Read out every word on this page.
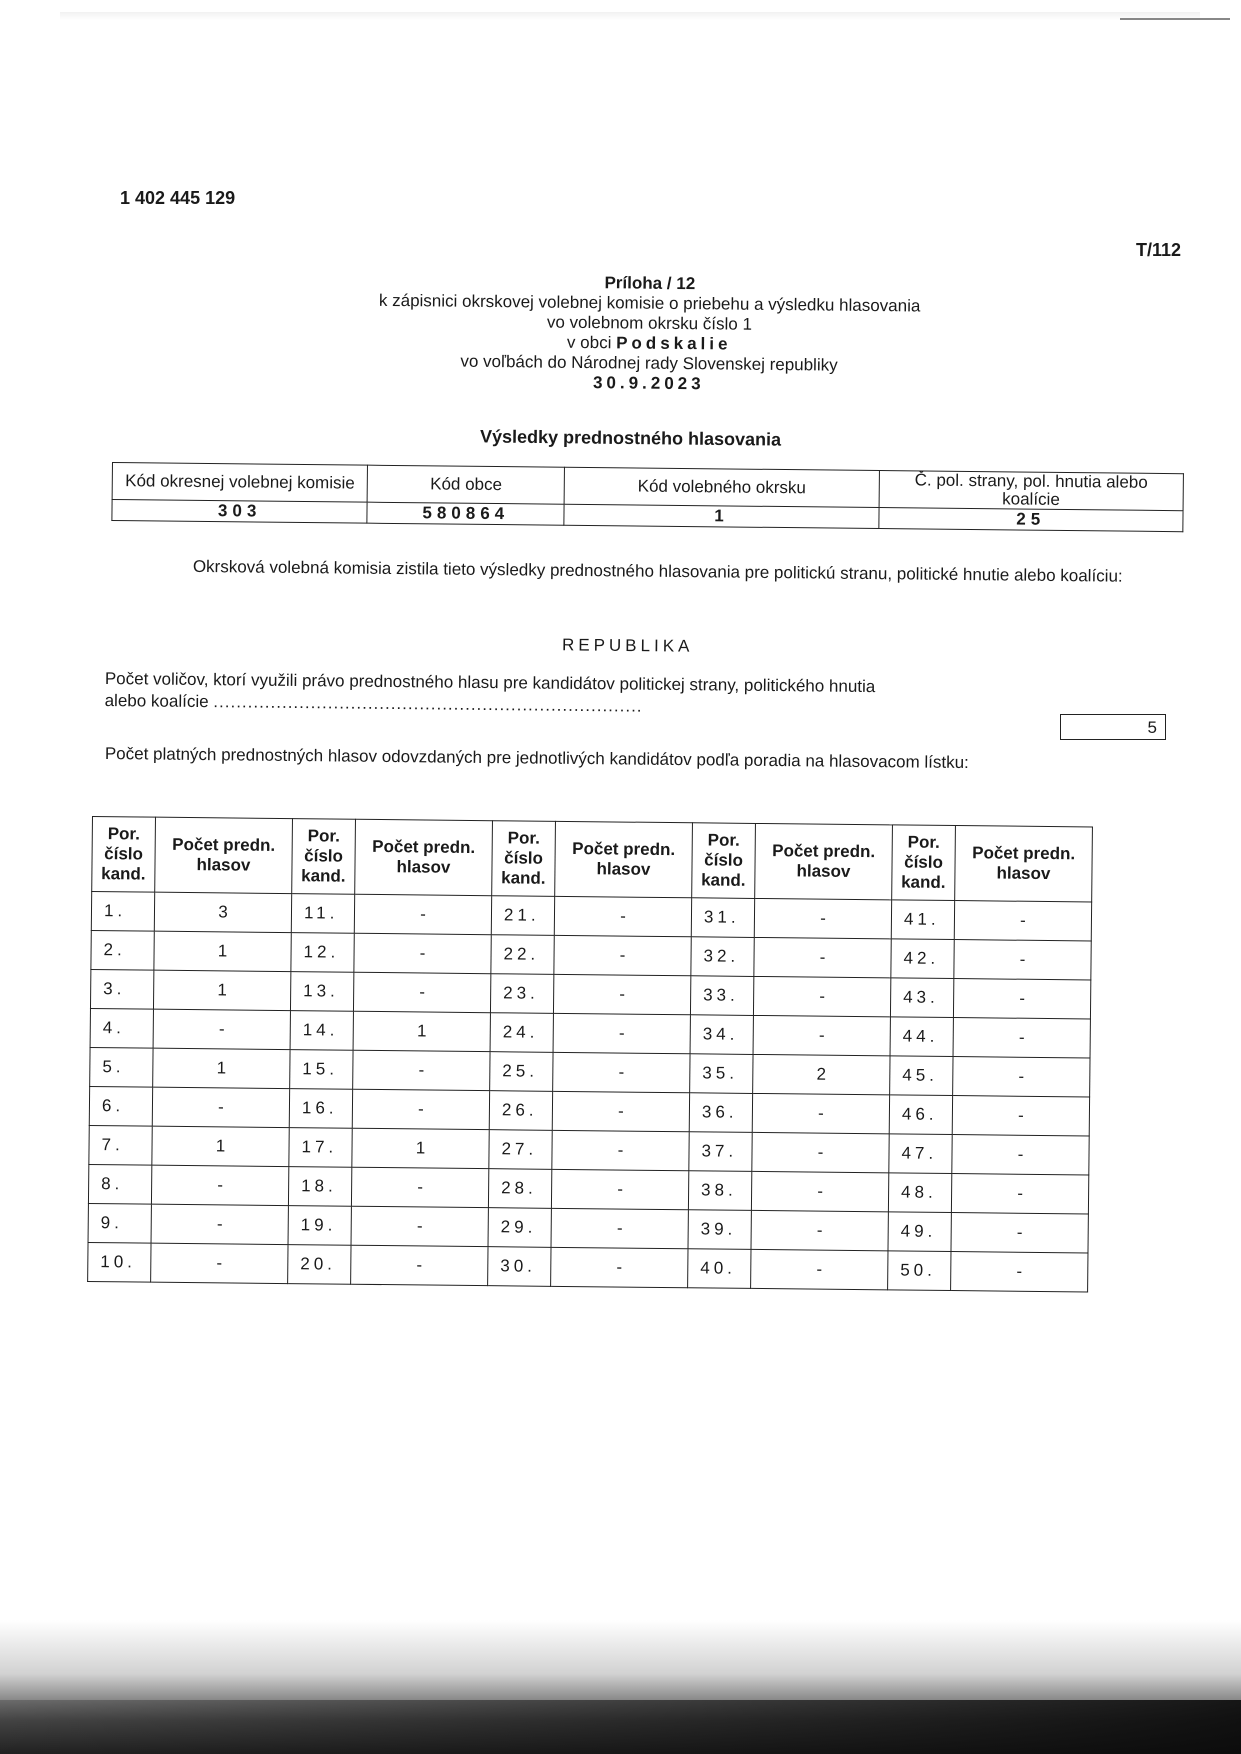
1 402 445 129
T/112
Príloha / 12
k zápisnici okrskovej volebnej komisie o priebehu a výsledku hlasovania
vo volebnom okrsku číslo 1
v obci Podskalie
vo voľbách do Národnej rady Slovenskej republiky
30.9.2023
Výsledky prednostného hlasovania
Kód okresnej volebnej komisie	Kód obce	Kód volebného okrsku	Č. pol. strany, pol. hnutia alebo koalície
303	580864	1	25
Okrsková volebná komisia zistila tieto výsledky prednostného hlasovania pre politickú stranu, politické hnutie alebo koalíciu:
REPUBLIKA
Počet voličov, ktorí využili právo prednostného hlasu pre kandidátov politickej strany, politického hnutia
alebo koalície ...........................................................................
5
Počet platných prednostných hlasov odovzdaných pre jednotlivých kandidátov podľa poradia na hlasovacom lístku:
Por. číslo kand.	Počet predn. hlasov	Por. číslo kand.	Počet predn. hlasov	Por. číslo kand.	Počet predn. hlasov	Por. číslo kand.	Počet predn. hlasov	Por. číslo kand.	Počet predn. hlasov
1.	3	11.	-	21.	-	31.	-	41.	-
2.	1	12.	-	22.	-	32.	-	42.	-
3.	1	13.	-	23.	-	33.	-	43.	-
4.	-	14.	1	24.	-	34.	-	44.	-
5.	1	15.	-	25.	-	35.	2	45.	-
6.	-	16.	-	26.	-	36.	-	46.	-
7.	1	17.	1	27.	-	37.	-	47.	-
8.	-	18.	-	28.	-	38.	-	48.	-
9.	-	19.	-	29.	-	39.	-	49.	-
10.	-	20.	-	30.	-	40.	-	50.	-
